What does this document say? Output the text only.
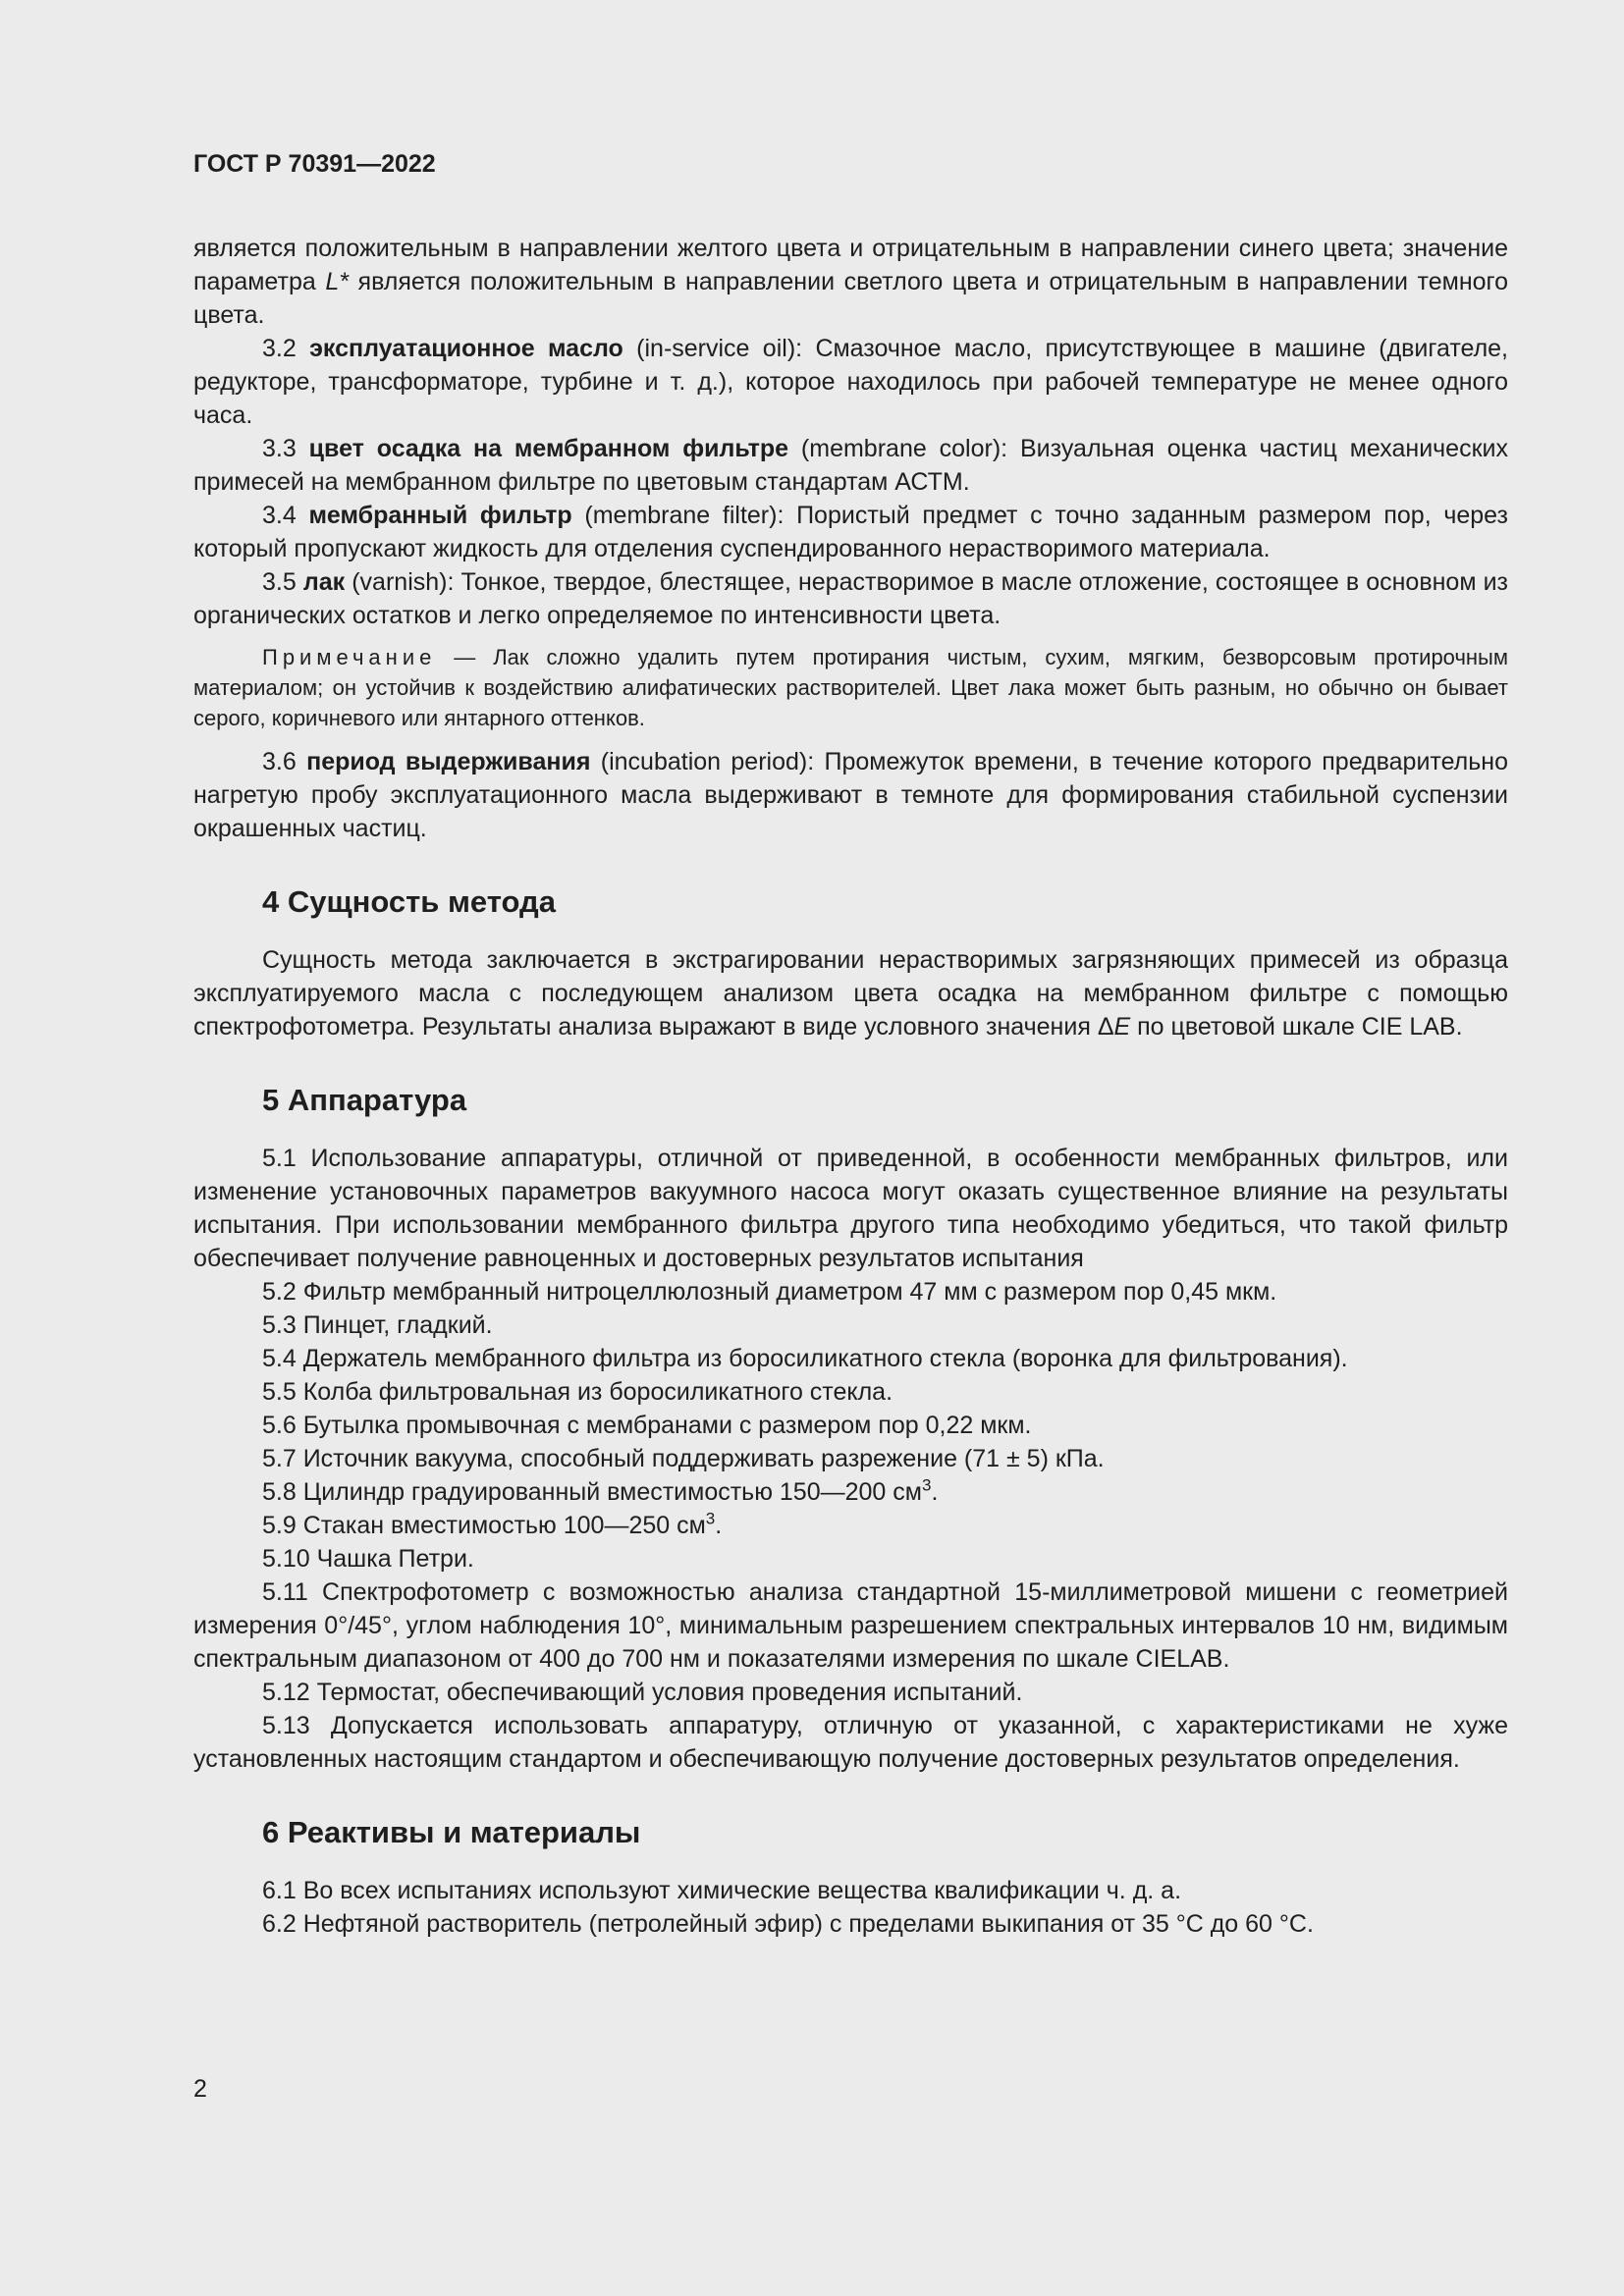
ГОСТ Р 70391—2022

является положительным в направлении желтого цвета и отрицательным в направлении синего цвета; значение параметра L* является положительным в направлении светлого цвета и отрицательным в направлении темного цвета.

3.2 эксплуатационное масло (in-service oil): Смазочное масло, присутствующее в машине (двигателе, редукторе, трансформаторе, турбине и т. д.), которое находилось при рабочей температуре не менее одного часа.

3.3 цвет осадка на мембранном фильтре (membrane color): Визуальная оценка частиц механических примесей на мембранном фильтре по цветовым стандартам АСТМ.

3.4 мембранный фильтр (membrane filter): Пористый предмет с точно заданным размером пор, через который пропускают жидкость для отделения суспендированного нерастворимого материала.

3.5 лак (varnish): Тонкое, твердое, блестящее, нерастворимое в масле отложение, состоящее в основном из органических остатков и легко определяемое по интенсивности цвета.

Примечание — Лак сложно удалить путем протирания чистым, сухим, мягким, безворсовым протирочным материалом; он устойчив к воздействию алифатических растворителей. Цвет лака может быть разным, но обычно он бывает серого, коричневого или янтарного оттенков.

3.6 период выдерживания (incubation period): Промежуток времени, в течение которого предварительно нагретую пробу эксплуатационного масла выдерживают в темноте для формирования стабильной суспензии окрашенных частиц.

4 Сущность метода

Сущность метода заключается в экстрагировании нерастворимых загрязняющих примесей из образца эксплуатируемого масла с последующем анализом цвета осадка на мембранном фильтре с помощью спектрофотометра. Результаты анализа выражают в виде условного значения ΔE по цветовой шкале CIE LAB.

5 Аппаратура

5.1 Использование аппаратуры, отличной от приведенной, в особенности мембранных фильтров, или изменение установочных параметров вакуумного насоса могут оказать существенное влияние на результаты испытания. При использовании мембранного фильтра другого типа необходимо убедиться, что такой фильтр обеспечивает получение равноценных и достоверных результатов испытания

5.2 Фильтр мембранный нитроцеллюлозный диаметром 47 мм с размером пор 0,45 мкм.

5.3 Пинцет, гладкий.

5.4 Держатель мембранного фильтра из боросиликатного стекла (воронка для фильтрования).

5.5 Колба фильтровальная из боросиликатного стекла.

5.6 Бутылка промывочная с мембранами с размером пор 0,22 мкм.

5.7 Источник вакуума, способный поддерживать разрежение (71 ± 5) кПа.

5.8 Цилиндр градуированный вместимостью 150—200 $см^3$.

5.9 Стакан вместимостью 100—250 $см^3$.

5.10 Чашка Петри.

5.11 Спектрофотометр с возможностью анализа стандартной 15-миллиметровой мишени с геометрией измерения 0°/45°, углом наблюдения 10°, минимальным разрешением спектральных интервалов 10 нм, видимым спектральным диапазоном от 400 до 700 нм и показателями измерения по шкале CIELAB.

5.12 Термостат, обеспечивающий условия проведения испытаний.

5.13 Допускается использовать аппаратуру, отличную от указанной, с характеристиками не хуже установленных настоящим стандартом и обеспечивающую получение достоверных результатов определения.

6 Реактивы и материалы

6.1 Во всех испытаниях используют химические вещества квалификации ч. д. а.

6.2 Нефтяной растворитель (петролейный эфир) с пределами выкипания от 35 °С до 60 °С.

2
